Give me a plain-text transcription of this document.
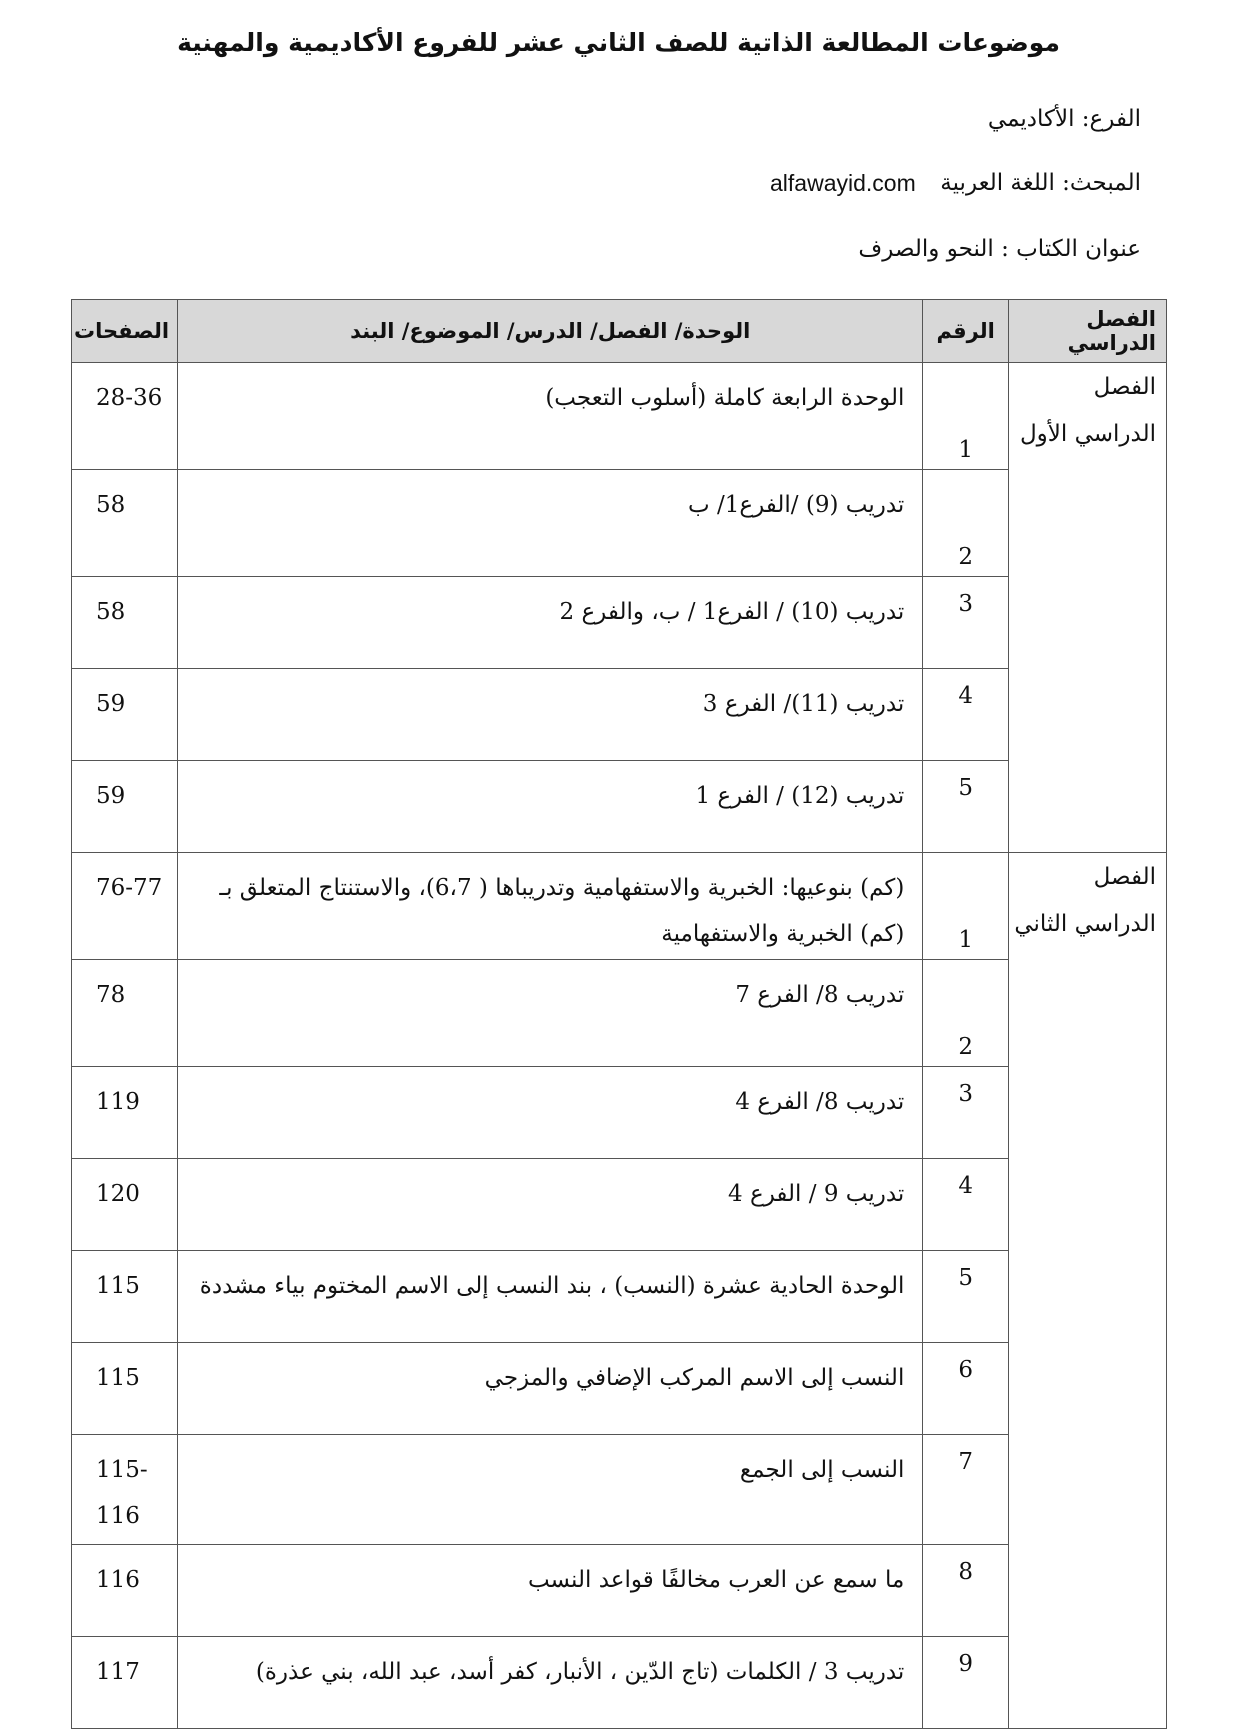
موضوعات المطالعة الذاتية للصف الثاني عشر للفروع الأكاديمية والمهنية
الفرع: الأكاديمي
المبحث: اللغة العربية
alfawayid.com
عنوان الكتاب : النحو والصرف
الفصل الدراسي	الرقم	الوحدة/ الفصل/ الدرس/ الموضوع/ البند	الصفحات
الفصل الدراسي الأول	1	الوحدة الرابعة كاملة (أسلوب التعجب)	28-36

	2	تدريب (9) /الفرع1/ ب	58

	3	تدريب (10) / الفرع1 / ب، والفرع 2	58

	4	تدريب (11)/ الفرع 3	59

	5	تدريب (12) / الفرع 1	59

الفصل الدراسي الثاني	1	(كم) بنوعيها: الخبرية والاستفهامية وتدريباها ( 6،7)، والاستنتاج المتعلق بـ (كم) الخبرية والاستفهامية	76-77

	2	تدريب 8/ الفرع 7	78

	3	تدريب 8/ الفرع 4	119

	4	تدريب 9 / الفرع 4	120

	5	الوحدة الحادية عشرة (النسب) ، بند النسب إلى الاسم المختوم بياء مشددة	115

	6	النسب إلى الاسم المركب الإضافي والمزجي	115

	7	النسب إلى الجمع	115- 116

	8	ما سمع عن العرب مخالفًا قواعد النسب	116

	9	تدريب 3 / الكلمات (تاج الدّين ، الأنبار، كفر أسد، عبد الله، بني عذرة)	117
